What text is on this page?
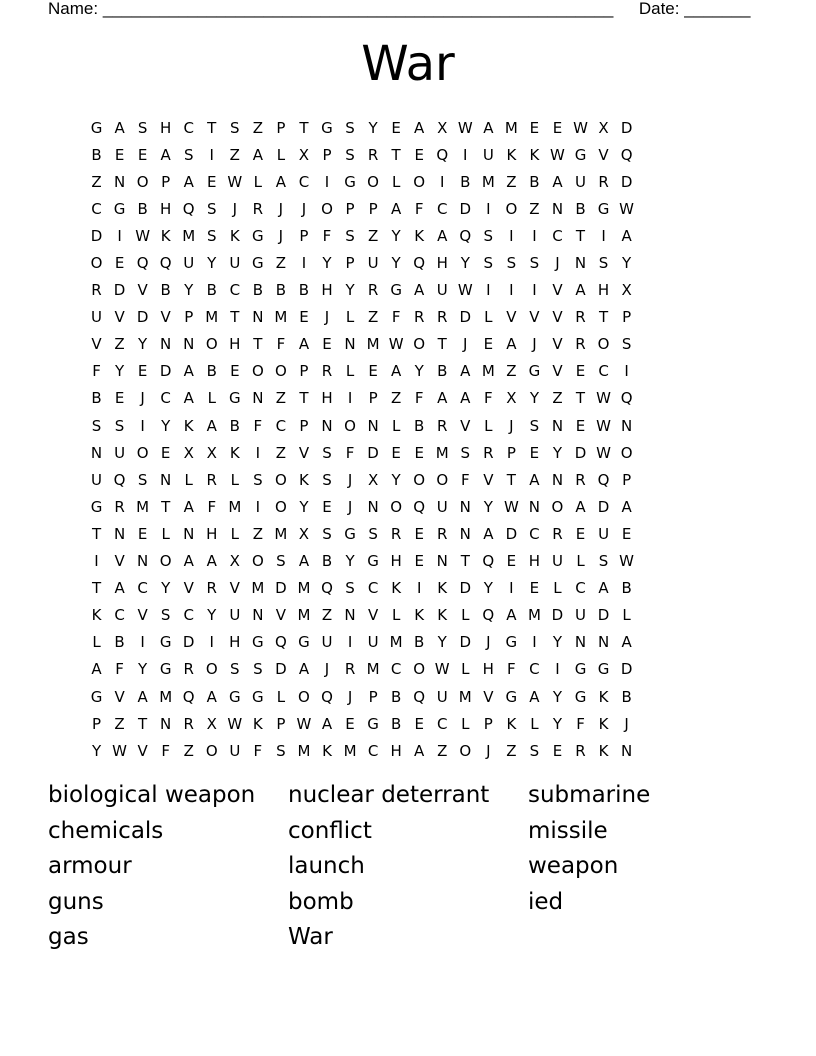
Name: ______________________________________________________ Date: _______
War
G A S H C T S Z P T G S Y E A X W A M E E W X D
B E E A S	I	Z A L X P S R T E Q I	U K K W G V Q
Z N O P A E W L A C	I	G O L O I	B M Z B A U R D
C G B H Q S	J	R	J	J O P P A F C D	I O Z N B G W
D	I W K M S K G	J	P F S Z Y K A Q S	I	I	C T	I	A
O E Q Q U Y U G Z	I	Y P U Y Q H Y S S S	J	N S Y
R D V B Y B C B B B H Y R G A U W I	I	I	V A H X
U V D V P M T N M E	J	L Z F R R D L V V V R T P
V Z Y N N O H T F A E N M W O T	J	E A	J	V R O S
F Y E D A B E O O P R L E A Y B A M Z G V E C	I
B E	J	C A L G N Z T H	I	P Z F A A F X Y Z T W Q
S S	I	Y K A B F C P N O N L B R V L	J	S N E W N
N U O E X X K	I	Z V S F D E E M S R P E Y D W O
U Q S N L R L S O K S	J	X Y O O F V T A N R Q P
G R M T A F M I O Y E	J	N O Q U N Y W N O A D A
T N E L N H L Z M X S G S R E R N A D C R E U E
I	V N O A A X O S A B Y G H E N T Q E H U L S W
T A C Y V R V M D M Q S C K	I	K D Y	I	E L C A B
K C V S C Y U N V M Z N V L K K L Q A M D U D L
L B	I	G D	I	H G Q G U	I	U M B Y D	J	G	I	Y N N A
A F Y G R O S S D A	J	R M C O W L H F C	I	G G D
G V A M Q A G G L O Q J	P B Q U M V G A Y G K B
P Z T N R X W K P W A E G B E C L P K L Y F K	J
Y W V F Z O U F S M K M C H A Z O J	Z S E R K N
biological weapon	nuclear deterrant	submarine
chemicals	conflict	missile
armour	launch	weapon
guns	bomb	ied
gas	War
